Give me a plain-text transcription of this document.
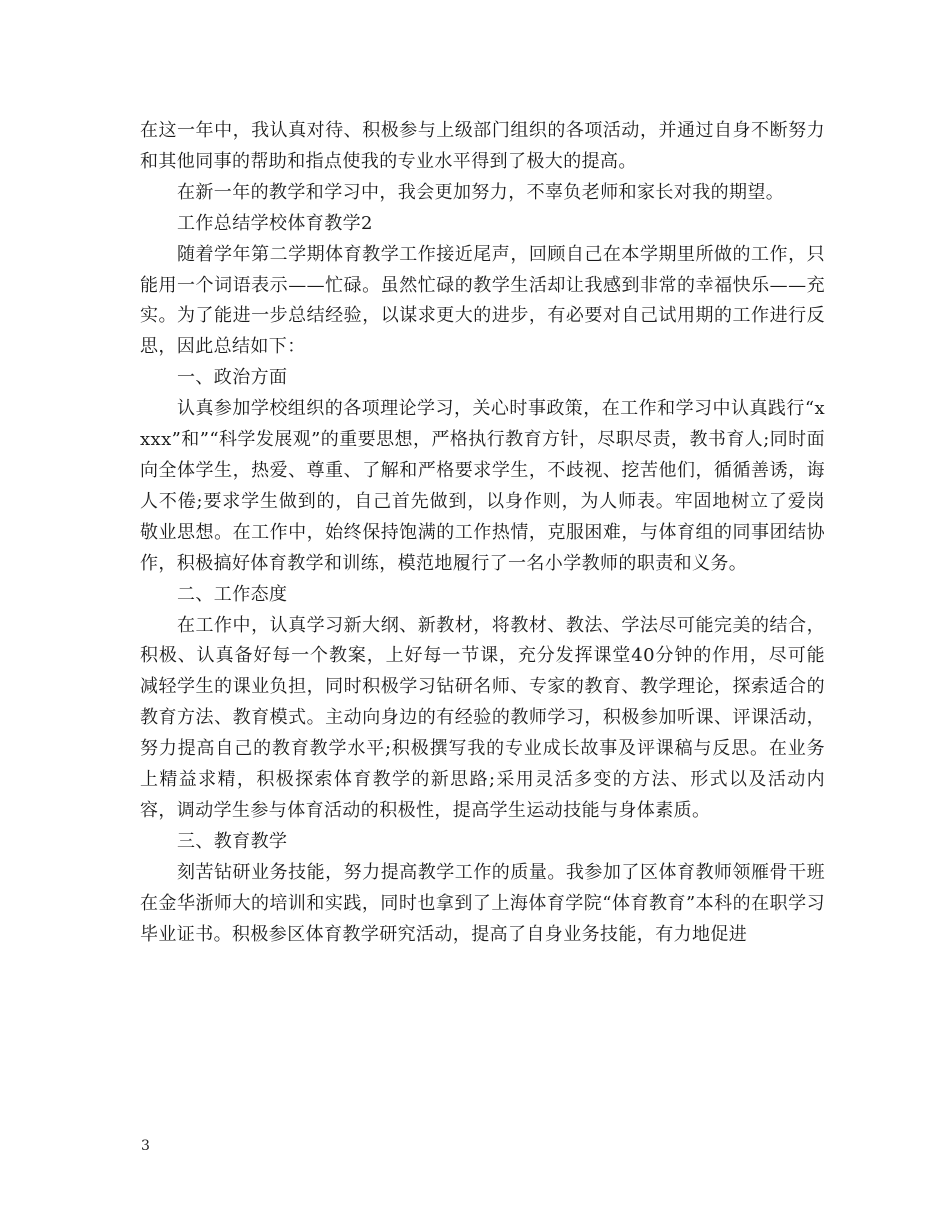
在这一年中，我认真对待、积极参与上级部门组织的各项活动，并通过自身不断努力和其他同事的帮助和指点使我的专业水平得到了极大的提高。

在新一年的教学和学习中，我会更加努力，不辜负老师和家长对我的期望。

工作总结学校体育教学2

随着学年第二学期体育教学工作接近尾声，回顾自己在本学期里所做的工作，只能用一个词语表示——忙碌。虽然忙碌的教学生活却让我感到非常的幸福快乐——充实。为了能进一步总结经验，以谋求更大的进步，有必要对自己试用期的工作进行反思，因此总结如下：

一、政治方面

认真参加学校组织的各项理论学习，关心时事政策，在工作和学习中认真践行“xxxx”和”“科学发展观”的重要思想，严格执行教育方针，尽职尽责，教书育人;同时面向全体学生，热爱、尊重、了解和严格要求学生，不歧视、挖苦他们，循循善诱，诲人不倦;要求学生做到的，自己首先做到，以身作则，为人师表。牢固地树立了爱岗敬业思想。在工作中，始终保持饱满的工作热情，克服困难，与体育组的同事团结协作，积极搞好体育教学和训练，模范地履行了一名小学教师的职责和义务。

二、工作态度

在工作中，认真学习新大纲、新教材，将教材、教法、学法尽可能完美的结合，积极、认真备好每一个教案，上好每一节课，充分发挥课堂40分钟的作用，尽可能减轻学生的课业负担，同时积极学习钻研名师、专家的教育、教学理论，探索适合的教育方法、教育模式。主动向身边的有经验的教师学习，积极参加听课、评课活动，努力提高自己的教育教学水平;积极撰写我的专业成长故事及评课稿与反思。在业务上精益求精，积极探索体育教学的新思路;采用灵活多变的方法、形式以及活动内容，调动学生参与体育活动的积极性，提高学生运动技能与身体素质。

三、教育教学

刻苦钻研业务技能，努力提高教学工作的质量。我参加了区体育教师领雁骨干班在金华浙师大的培训和实践，同时也拿到了上海体育学院“体育教育”本科的在职学习毕业证书。积极参区体育教学研究活动，提高了自身业务技能，有力地促进

3
